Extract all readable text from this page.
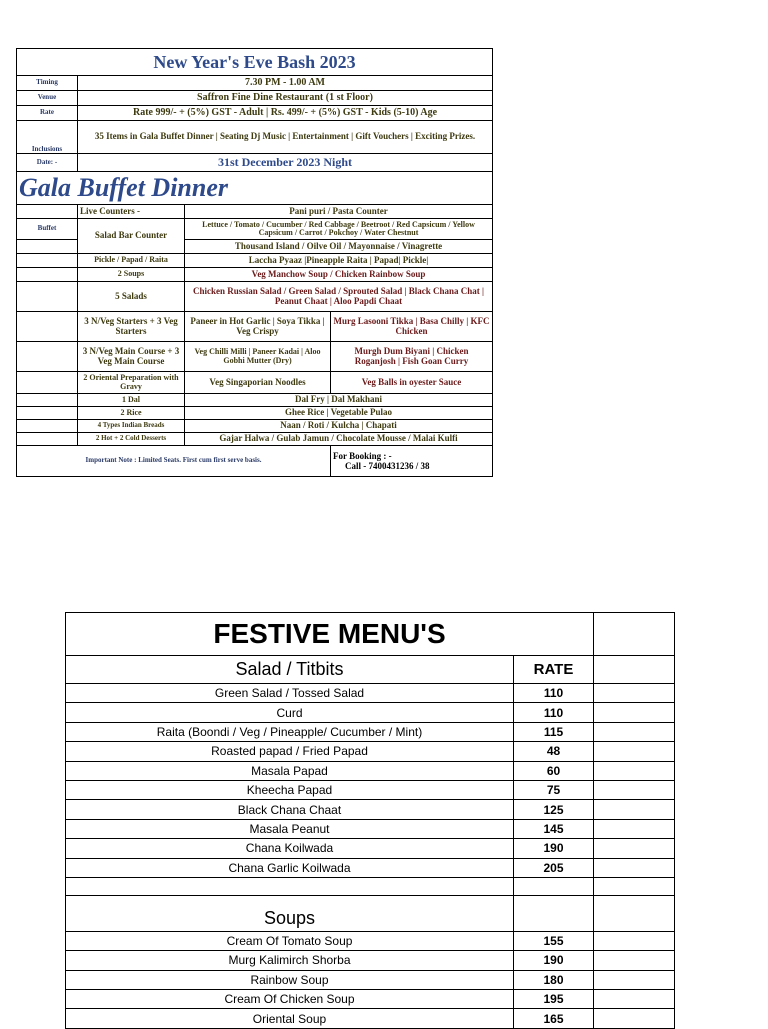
New Year's Eve Bash 2023			
Timing	7.30 PM - 1.00 AM		
Venue	Saffron Fine Dine Restaurant (1 st Floor)		
Rate	Rate 999/- + (5%) GST - Adult | Rs. 499/- + (5%) GST - Kids (5-10) Age		
Inclusions	35 Items in Gala Buffet Dinner | Seating Dj Music | Entertainment | Gift Vouchers | Exciting Prizes.		
Date: -	31st December 2023 Night		
Gala Buffet Dinner			
	Live Counters -	Pani puri / Pasta Counter	
Buffet	Salad Bar Counter	Lettuce / Tomato / Cucumber / Red Cabbage / Beetroot / Red Capsicum / Yellow Capsicum / Carrot / Pokchoy / Water Chestnut	
		Thousand Island / Oilve Oil / Mayonnaise / Vinagrette	
	Pickle / Papad / Raita	Laccha Pyaaz |Pineapple Raita | Papad| Pickle|	
	2 Soups	Veg Manchow Soup / Chicken Rainbow Soup	
	5 Salads	Chicken Russian Salad / Green Salad / Sprouted Salad | Black Chana Chat | Peanut Chaat | Aloo Papdi Chaat	
	3 N/Veg Starters + 3 Veg Starters	Paneer in Hot Garlic | Soya Tikka | Veg Crispy	Murg Lasooni Tikka | Basa Chilly | KFC Chicken
	3 N/Veg Main Course + 3 Veg Main Course	Veg Chilli Milli | Paneer Kadai | Aloo Gobhi Mutter (Dry)	Murgh Dum Biyani | Chicken Roganjosh | Fish Goan Curry
	2 Oriental Preparation with Gravy	Veg Singaporian Noodles	Veg Balls in oyester Sauce
	1 Dal	Dal Fry | Dal Makhani	
	2 Rice	Ghee Rice | Vegetable Pulao	
	4 Types Indian Breads	Naan / Roti / Kulcha | Chapati	
	2 Hot + 2 Cold Desserts	Gajar Halwa / Gulab Jamun / Chocolate Mousse / Malai Kulfi	
Important Note : Limited Seats. First cum first serve basis.			For Booking : -
Call - 7400431236 / 38
FESTIVE MENU'S		
Salad / Titbits	RATE	
Green Salad / Tossed Salad	110	
Curd	110	
Raita (Boondi / Veg / Pineapple/ Cucumber / Mint)	115	
Roasted papad / Fried Papad	48	
Masala Papad	60	
Kheecha Papad	75	
Black Chana Chaat	125	
Masala Peanut	145	
Chana Koilwada	190	
Chana Garlic Koilwada	205	

Soups		
Cream Of Tomato Soup	155	
Murg Kalimirch Shorba	190	
Rainbow Soup	180	
Cream Of Chicken Soup	195	
Oriental Soup	165	
